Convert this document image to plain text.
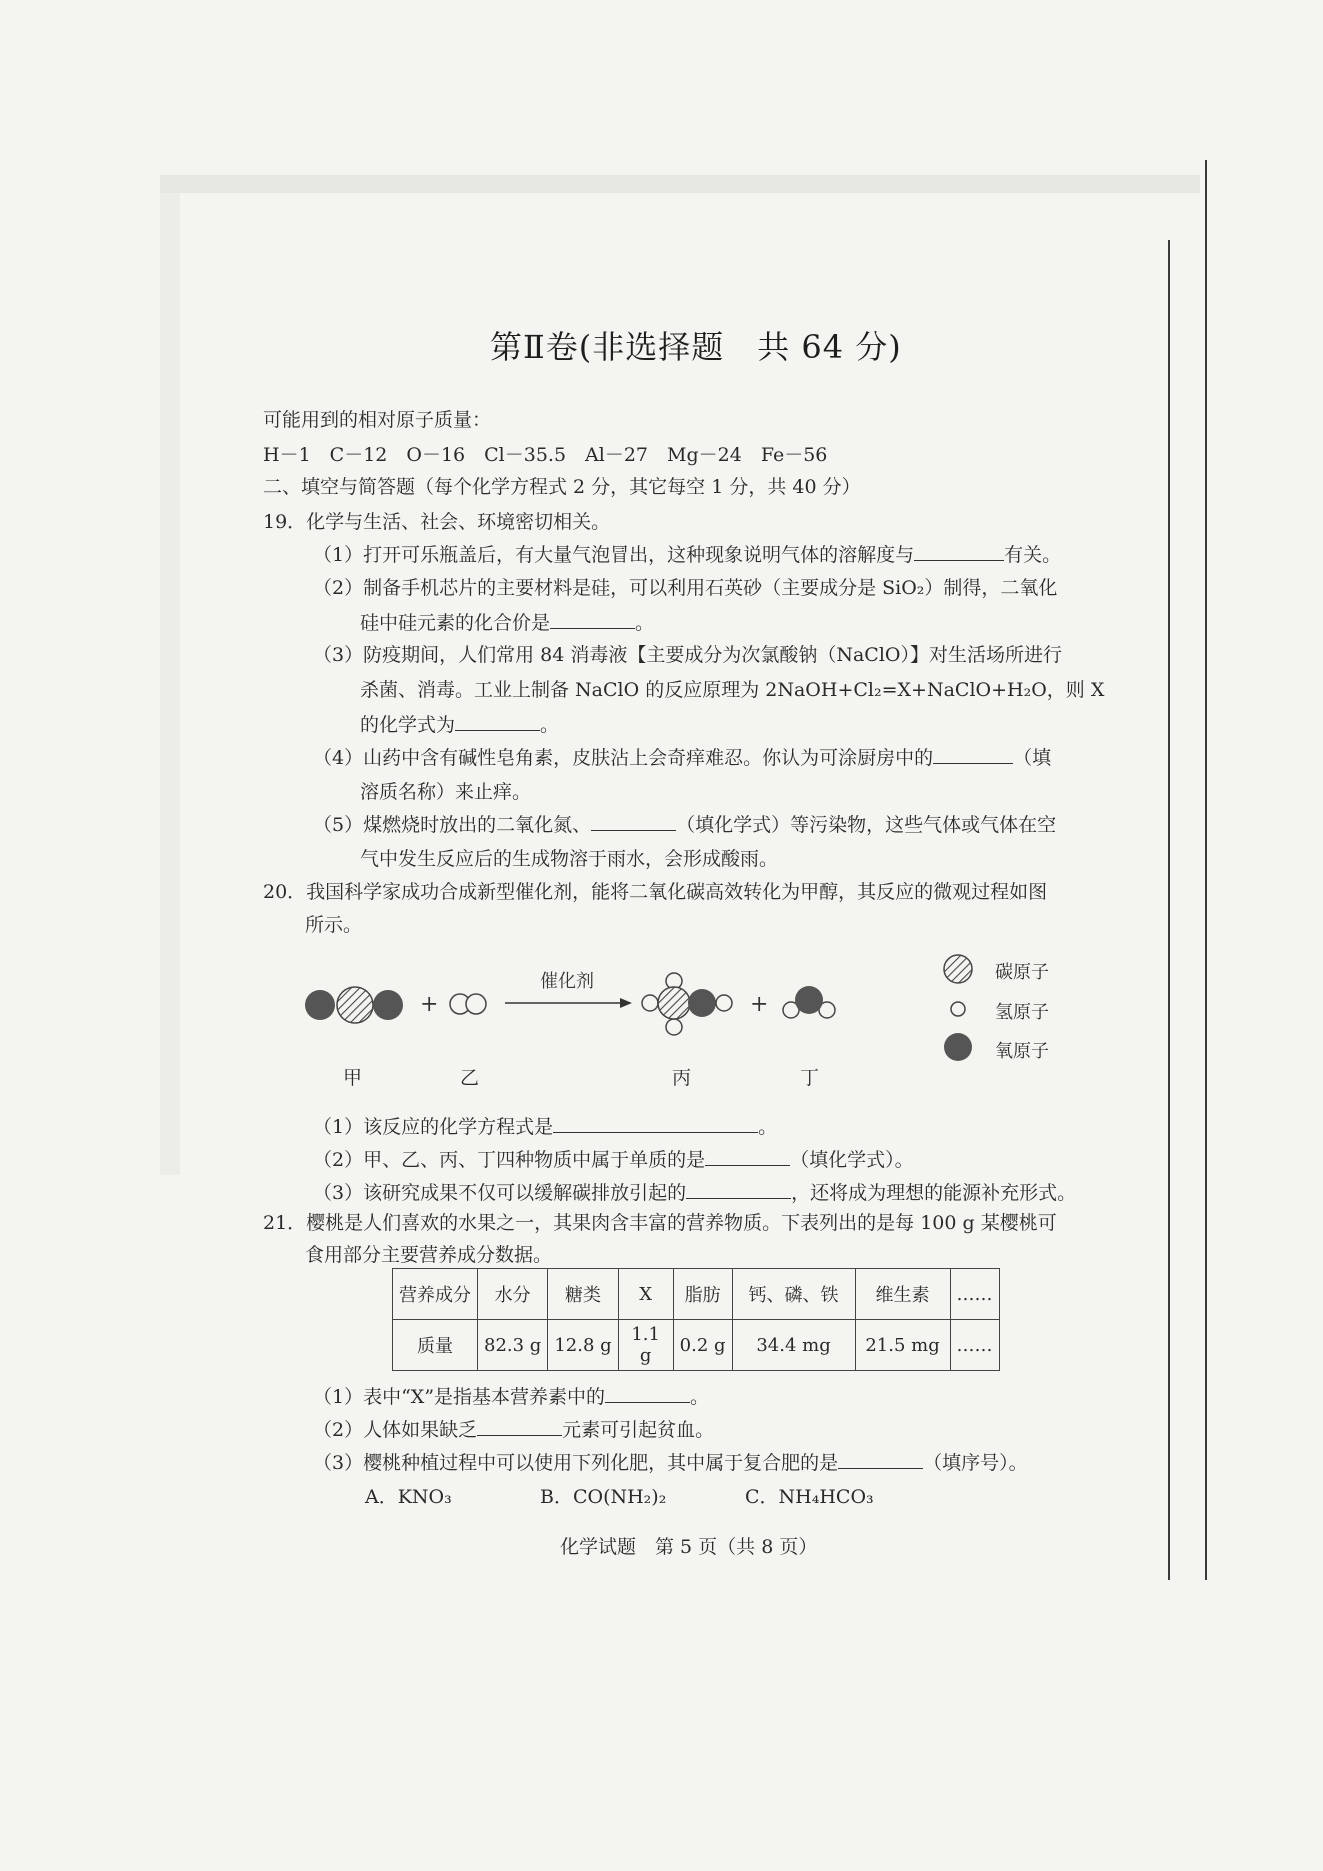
第Ⅱ卷(非选择题　共 64 分)
可能用到的相对原子质量：
H－1　C－12　O－16　Cl－35.5　Al－27　Mg－24　Fe－56
二、填空与简答题（每个化学方程式 2 分，其它每空 1 分，共 40 分）
19．化学与生活、社会、环境密切相关。
（1）打开可乐瓶盖后，有大量气泡冒出，这种现象说明气体的溶解度与	有关。
（2）制备手机芯片的主要材料是硅，可以利用石英砂（主要成分是 SiO₂）制得，二氧化
硅中硅元素的化合价是	。
（3）防疫期间，人们常用 84 消毒液【主要成分为次氯酸钠（NaClO）】对生活场所进行
杀菌、消毒。工业上制备 NaClO 的反应原理为 2NaOH+Cl₂=X+NaClO+H₂O，则 X
的化学式为	。
（4）山药中含有碱性皂角素，皮肤沾上会奇痒难忍。你认为可涂厨房中的	（填
溶质名称）来止痒。
（5）煤燃烧时放出的二氧化氮、	（填化学式）等污染物，这些气体或气体在空
气中发生反应后的生成物溶于雨水，会形成酸雨。
20．我国科学家成功合成新型催化剂，能将二氧化碳高效转化为甲醇，其反应的微观过程如图
所示。
+
催化剂
+
碳原子
氢原子
氧原子
甲	乙	丙	丁
（1）该反应的化学方程式是	。
（2）甲、乙、丙、丁四种物质中属于单质的是	（填化学式）。
（3）该研究成果不仅可以缓解碳排放引起的	，还将成为理想的能源补充形式。
21．樱桃是人们喜欢的水果之一，其果肉含丰富的营养物质。下表列出的是每 100 g 某樱桃可
食用部分主要营养成分数据。
营养成分	水分	糖类	X	脂肪	钙、磷、铁	维生素	……
质量	82.3 g	12.8 g	1.1 g	0.2 g	34.4 mg	21.5 mg	……
（1）表中“X”是指基本营养素中的	。
（2）人体如果缺乏	元素可引起贫血。
（3）樱桃种植过程中可以使用下列化肥，其中属于复合肥的是	（填序号）。
A．KNO₃	B．CO(NH₂)₂	C．NH₄HCO₃
化学试题　第 5 页（共 8 页）
